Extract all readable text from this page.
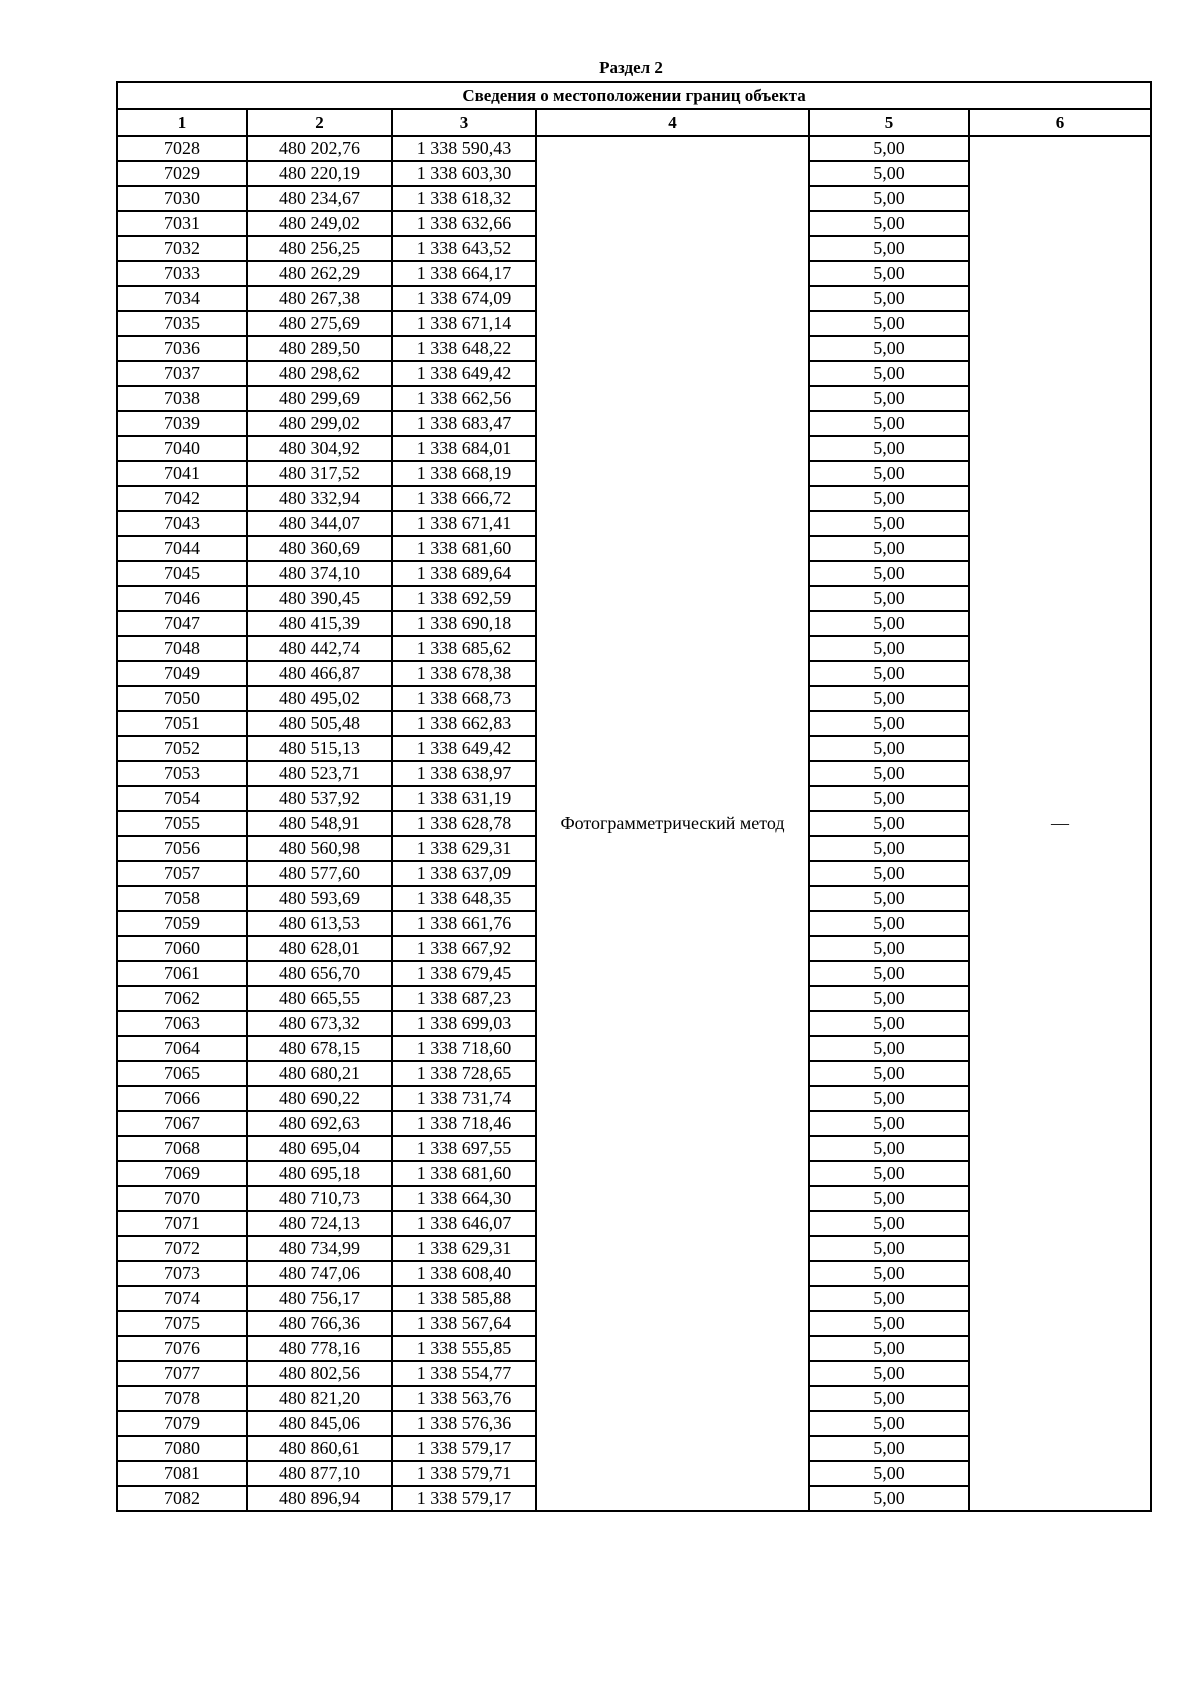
Раздел 2
Сведения о местоположении границ объекта					
1	2	3	4	5	6
7028	480 202,76	1 338 590,43	Фотограмметрический метод	5,00	—
7029	480 220,19	1 338 603,30		5,00	
7030	480 234,67	1 338 618,32		5,00	
7031	480 249,02	1 338 632,66		5,00	
7032	480 256,25	1 338 643,52		5,00	
7033	480 262,29	1 338 664,17		5,00	
7034	480 267,38	1 338 674,09		5,00	
7035	480 275,69	1 338 671,14		5,00	
7036	480 289,50	1 338 648,22		5,00	
7037	480 298,62	1 338 649,42		5,00	
7038	480 299,69	1 338 662,56		5,00	
7039	480 299,02	1 338 683,47		5,00	
7040	480 304,92	1 338 684,01		5,00	
7041	480 317,52	1 338 668,19		5,00	
7042	480 332,94	1 338 666,72		5,00	
7043	480 344,07	1 338 671,41		5,00	
7044	480 360,69	1 338 681,60		5,00	
7045	480 374,10	1 338 689,64		5,00	
7046	480 390,45	1 338 692,59		5,00	
7047	480 415,39	1 338 690,18		5,00	
7048	480 442,74	1 338 685,62		5,00	
7049	480 466,87	1 338 678,38		5,00	
7050	480 495,02	1 338 668,73		5,00	
7051	480 505,48	1 338 662,83		5,00	
7052	480 515,13	1 338 649,42		5,00	
7053	480 523,71	1 338 638,97		5,00	
7054	480 537,92	1 338 631,19		5,00	
7055	480 548,91	1 338 628,78		5,00	
7056	480 560,98	1 338 629,31		5,00	
7057	480 577,60	1 338 637,09		5,00	
7058	480 593,69	1 338 648,35		5,00	
7059	480 613,53	1 338 661,76		5,00	
7060	480 628,01	1 338 667,92		5,00	
7061	480 656,70	1 338 679,45		5,00	
7062	480 665,55	1 338 687,23		5,00	
7063	480 673,32	1 338 699,03		5,00	
7064	480 678,15	1 338 718,60		5,00	
7065	480 680,21	1 338 728,65		5,00	
7066	480 690,22	1 338 731,74		5,00	
7067	480 692,63	1 338 718,46		5,00	
7068	480 695,04	1 338 697,55		5,00	
7069	480 695,18	1 338 681,60		5,00	
7070	480 710,73	1 338 664,30		5,00	
7071	480 724,13	1 338 646,07		5,00	
7072	480 734,99	1 338 629,31		5,00	
7073	480 747,06	1 338 608,40		5,00	
7074	480 756,17	1 338 585,88		5,00	
7075	480 766,36	1 338 567,64		5,00	
7076	480 778,16	1 338 555,85		5,00	
7077	480 802,56	1 338 554,77		5,00	
7078	480 821,20	1 338 563,76		5,00	
7079	480 845,06	1 338 576,36		5,00	
7080	480 860,61	1 338 579,17		5,00	
7081	480 877,10	1 338 579,71		5,00	
7082	480 896,94	1 338 579,17		5,00	
